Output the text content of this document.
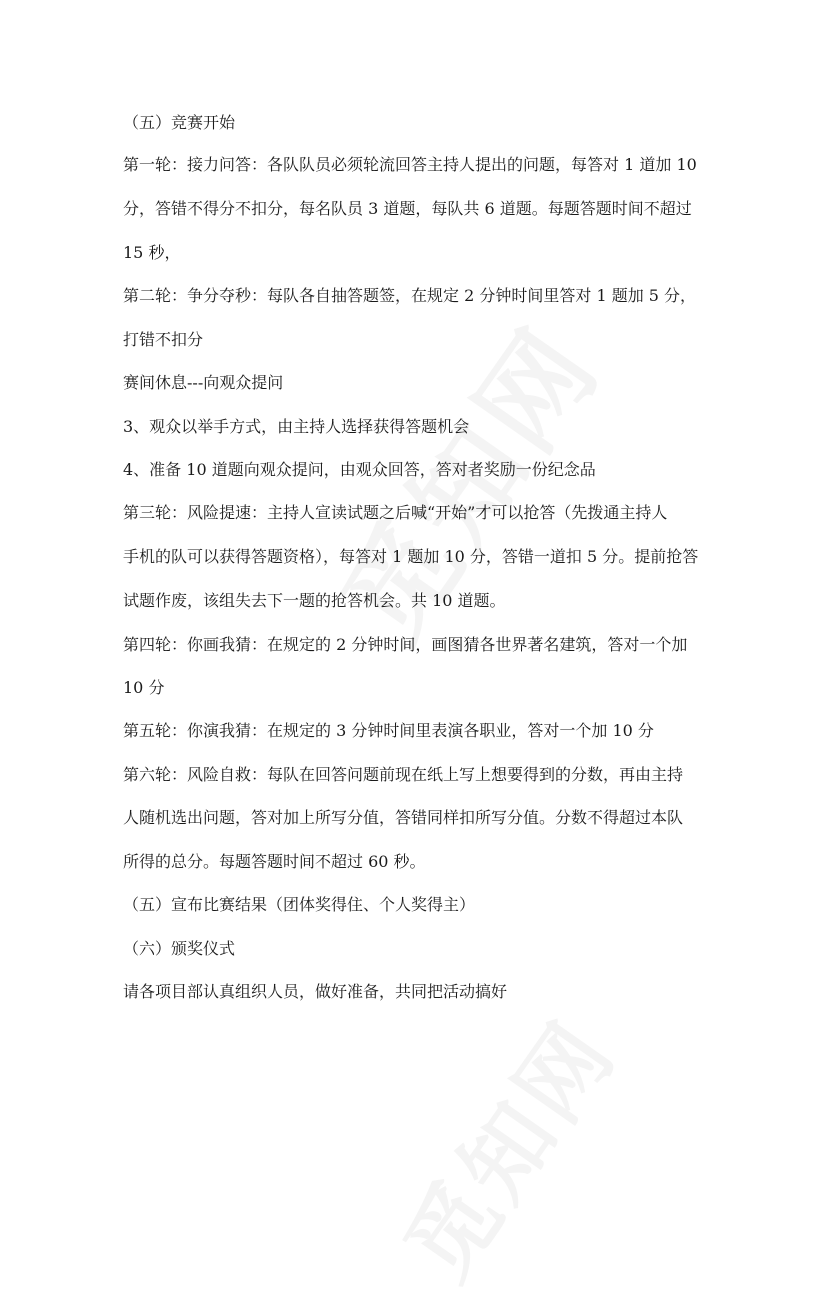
（五）竞赛开始
第一轮：接力问答：各队队员必须轮流回答主持人提出的问题，每答对 1 道加 10
分，答错不得分不扣分，每名队员 3 道题，每队共 6 道题。每题答题时间不超过
15 秒，
第二轮：争分夺秒：每队各自抽答题签，在规定 2 分钟时间里答对 1 题加 5 分，
打错不扣分
赛间休息---向观众提问
3、观众以举手方式，由主持人选择获得答题机会
4、准备 10 道题向观众提问，由观众回答，答对者奖励一份纪念品
第三轮：风险提速：主持人宣读试题之后喊“开始”才可以抢答（先拨通主持人
手机的队可以获得答题资格），每答对 1 题加 10 分，答错一道扣 5 分。提前抢答
试题作废，该组失去下一题的抢答机会。共 10 道题。
第四轮：你画我猜：在规定的 2 分钟时间，画图猜各世界著名建筑，答对一个加
10 分
第五轮：你演我猜：在规定的 3 分钟时间里表演各职业，答对一个加 10 分
第六轮：风险自救：每队在回答问题前现在纸上写上想要得到的分数，再由主持
人随机选出问题，答对加上所写分值，答错同样扣所写分值。分数不得超过本队
所得的总分。每题答题时间不超过 60 秒。
（五）宣布比赛结果（团体奖得住、个人奖得主）
（六）颁奖仪式
请各项目部认真组织人员，做好准备，共同把活动搞好
